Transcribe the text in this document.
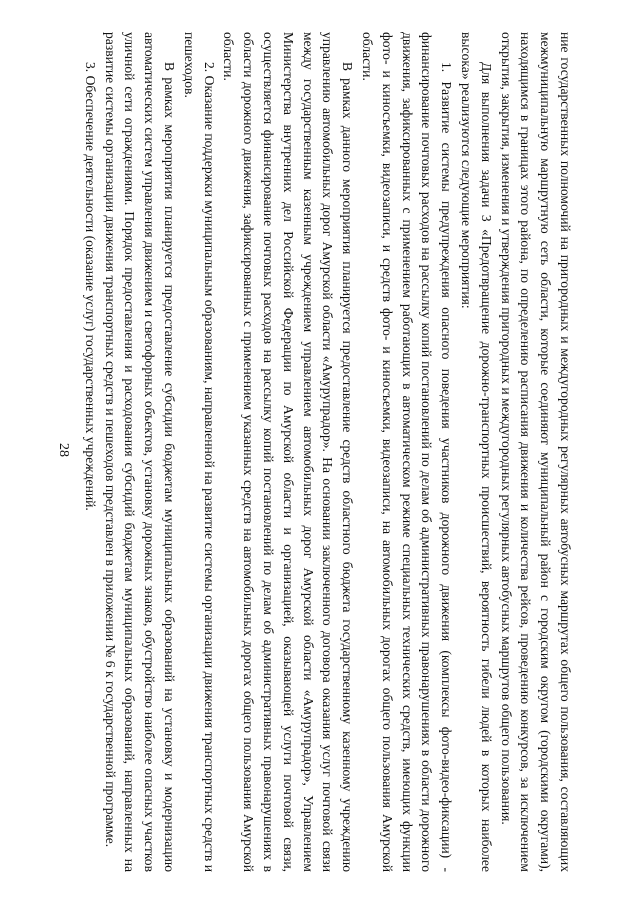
28	ние государственных полномочий на пригородных и междугородных регулярных автобусных маршрутах общего пользования, составляющих межмуниципальную маршрутную сеть области, которые соединяют муниципальный район с городским округом (городскими округами), находящимся в границах этого района, по определению расписания движения и количества рейсов, проведению конкурсов, за исключением открытия, закрытия, изменения и утверждения пригородных и междугородных регулярных автобусных маршрутов общего пользования.

Для выполнения задачи 3 «Предотвращение дорожно-транспортных происшествий, вероятность гибели людей в которых наиболее высока» реализуются следующие мероприятия:

1. Развитие системы предупреждения опасного поведения участников дорожного движения (комплексы фото-видео-фиксации) - финансирование почтовых расходов на рассылку копий постановлений по делам об административных правонарушениях в области дорожного движения, зафиксированных с применением работающих в автоматическом режиме специальных технических средств, имеющих функции фото- и киносъемки, видеозаписи, и средств фото- и киносъемки, видеозаписи, на автомобильных дорогах общего пользования Амурской области.

В рамках данного мероприятия планируется предоставление средств областного бюджета государственному казенному учреждению управлению автомобильных дорог Амурской области «Амурупрадор». На основании заключенного договора оказания услуг почтовой связи между государственным казенным учреждением управлением автомобильных дорог Амурской области «Амурупрадор», Управлением Министерства внутренних дел Российской Федерации по Амурской области и организацией, оказывающей услуги почтовой связи, осуществляется финансирование почтовых расходов на рассылку копий постановлений по делам об административных правонарушениях в области дорожного движения, зафиксированных с применением указанных средств на автомобильных дорогах общего пользования Амурской области.

2. Оказание поддержки муниципальным образованиям, направленной на развитие системы организации движения транспортных средств и пешеходов.

В рамках мероприятия планируется предоставление субсидии бюджетам муниципальных образований на установку и модернизацию автоматических систем управления движением и светофорных объектов, установку дорожных знаков, обустройство наиболее опасных участков уличной сети ограждениями. Порядок предоставления и расходования субсидий бюджетам муниципальных образований, направленных на развитие системы организации движения транспортных средств и пешеходов представлен в приложении № 6 к государственной программе.

3. Обеспечение деятельности (оказание услуг) государственных учреждений.
